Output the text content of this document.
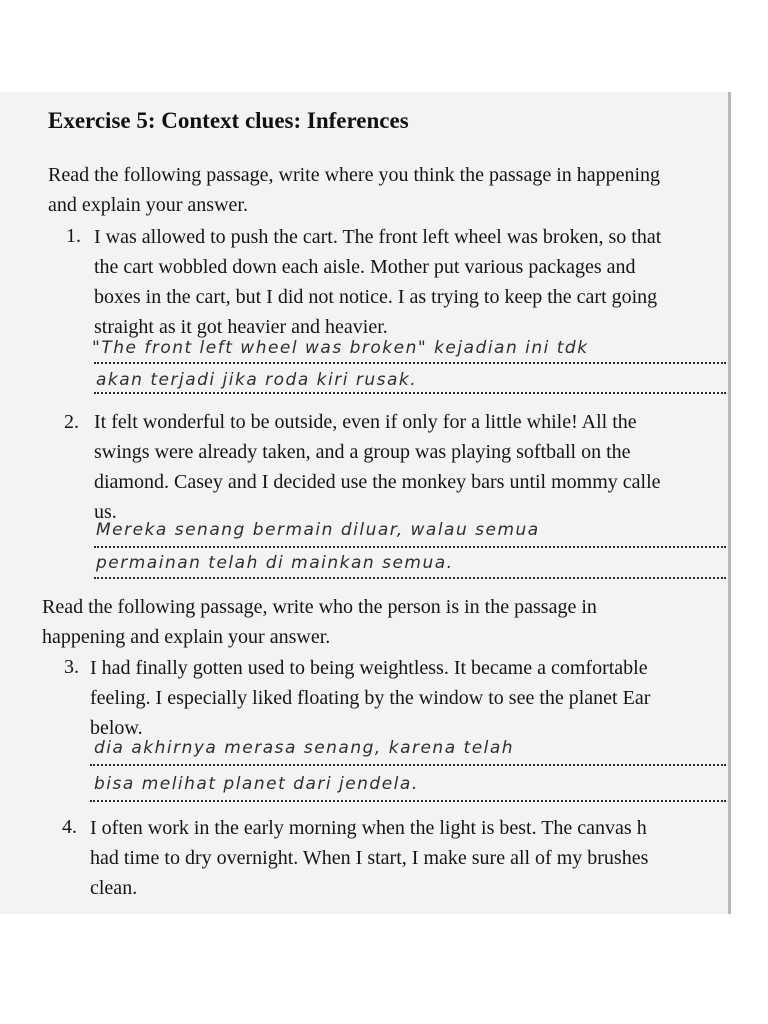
Exercise 5: Context clues: Inferences
Read the following passage, write where you think the passage in happening
and explain your answer.
1. I was allowed to push the cart. The front left wheel was broken, so that
the cart wobbled down each aisle. Mother put various packages and
boxes in the cart, but I did not notice. I as trying to keep the cart going
straight as it got heavier and heavier.
"The front left wheel was broken" kejadian ini tdk
akan terjadi jika roda kiri rusak.
2. It felt wonderful to be outside, even if only for a little while! All the
swings were already taken, and a group was playing softball on the
diamond. Casey and I decided use the monkey bars until mommy calle
us.
Mereka senang bermain diluar, walau semua
permainan telah di mainkan semua.
Read the following passage, write who the person is in the passage in
happening and explain your answer.
3. I had finally gotten used to being weightless. It became a comfortable
feeling. I especially liked floating by the window to see the planet Ear
below.
dia akhirnya merasa senang, karena telah
bisa melihat planet dari jendela.
4. I often work in the early morning when the light is best. The canvas h
had time to dry overnight. When I start, I make sure all of my brushes
clean.
